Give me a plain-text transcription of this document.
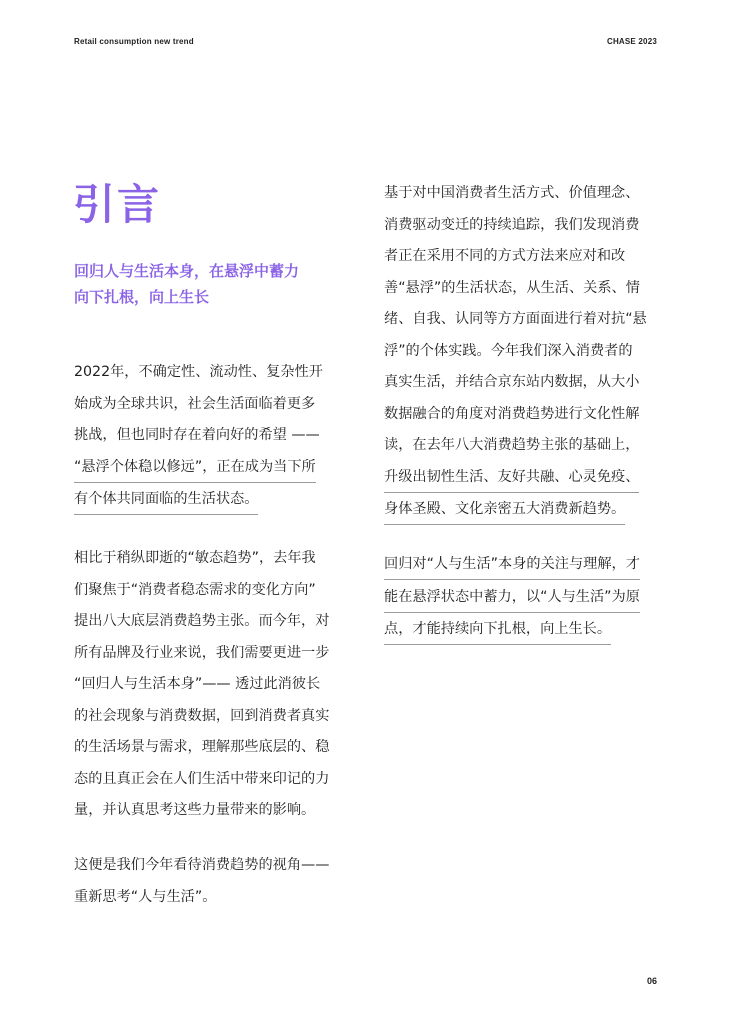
Retail consumption new trend	CHASE 2023
引言
回归人与生活本身，在悬浮中蓄力
向下扎根，向上生长
2022年，不确定性、流动性、复杂性开
始成为全球共识，社会生活面临着更多
挑战，但也同时存在着向好的希望 ——
“悬浮个体稳以修远”，正在成为当下所
有个体共同面临的生活状态。
相比于稍纵即逝的“敏态趋势”，去年我
们聚焦于“消费者稳态需求的变化方向”
提出八大底层消费趋势主张。而今年，对
所有品牌及行业来说，我们需要更进一步
“回归人与生活本身”—— 透过此消彼长
的社会现象与消费数据，回到消费者真实
的生活场景与需求，理解那些底层的、稳
态的且真正会在人们生活中带来印记的力
量，并认真思考这些力量带来的影响。
这便是我们今年看待消费趋势的视角——
重新思考“人与生活”。
基于对中国消费者生活方式、价值理念、
消费驱动变迁的持续追踪，我们发现消费
者正在采用不同的方式方法来应对和改
善“悬浮”的生活状态，从生活、关系、情
绪、自我、认同等方方面面进行着对抗“悬
浮”的个体实践。今年我们深入消费者的
真实生活，并结合京东站内数据，从大小
数据融合的角度对消费趋势进行文化性解
读，在去年八大消费趋势主张的基础上，
升级出韧性生活、友好共融、心灵免疫、
身体圣殿、文化亲密五大消费新趋势。
回归对“人与生活”本身的关注与理解，才
能在悬浮状态中蓄力，以“人与生活”为原
点，才能持续向下扎根，向上生长。
06
